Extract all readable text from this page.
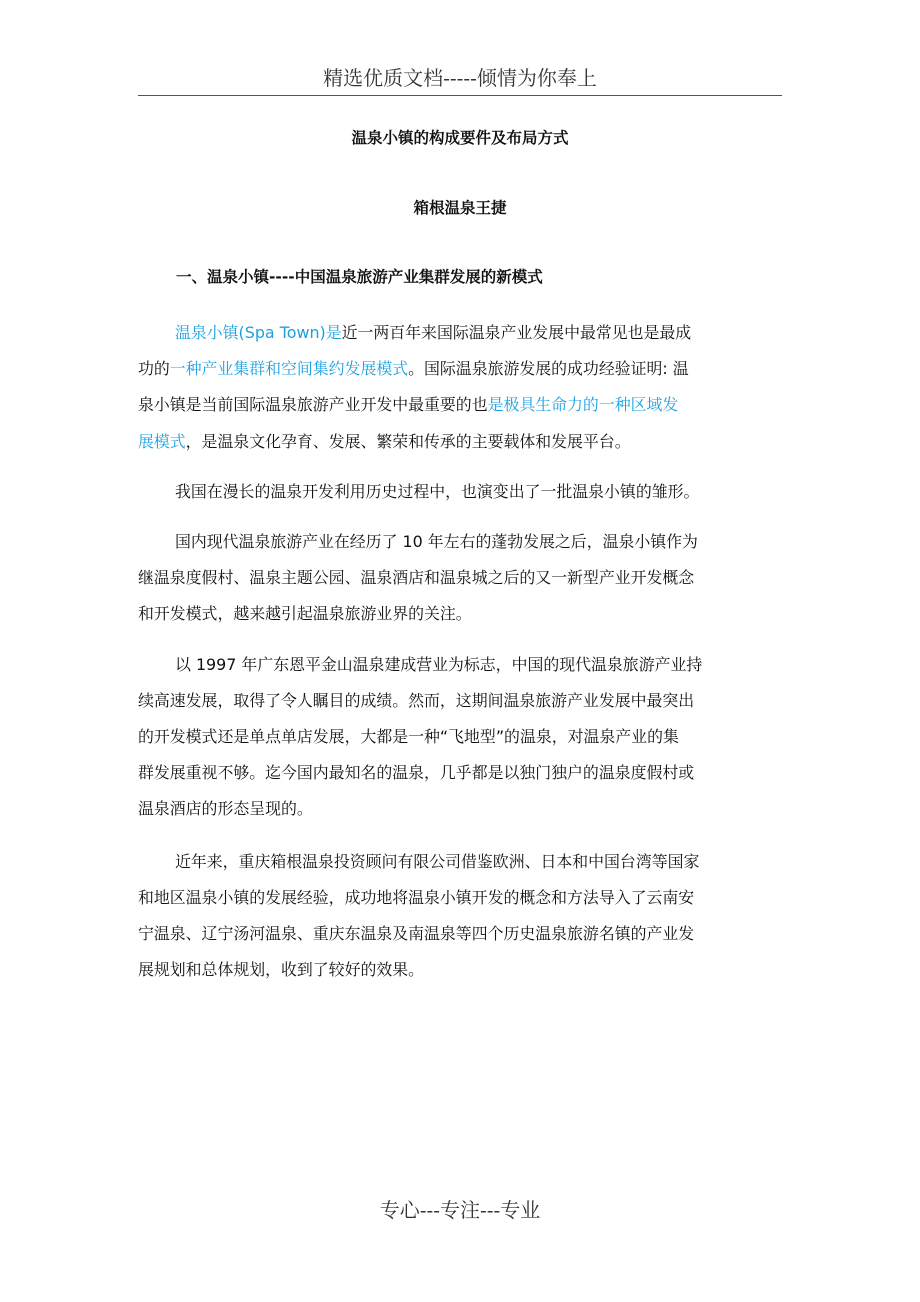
精选优质文档-----倾情为你奉上
温泉小镇的构成要件及布局方式
箱根温泉王捷
一、温泉小镇----中国温泉旅游产业集群发展的新模式
温泉小镇(Spa Town)是近一两百年来国际温泉产业发展中最常见也是最成
功的一种产业集群和空间集约发展模式。国际温泉旅游发展的成功经验证明: 温
泉小镇是当前国际温泉旅游产业开发中最重要的也是极具生命力的一种区域发
展模式，是温泉文化孕育、发展、繁荣和传承的主要载体和发展平台。
我国在漫长的温泉开发利用历史过程中，也演变出了一批温泉小镇的雏形。
国内现代温泉旅游产业在经历了 10 年左右的蓬勃发展之后，温泉小镇作为
继温泉度假村、温泉主题公园、温泉酒店和温泉城之后的又一新型产业开发概念
和开发模式，越来越引起温泉旅游业界的关注。
以 1997 年广东恩平金山温泉建成营业为标志，中国的现代温泉旅游产业持
续高速发展，取得了令人瞩目的成绩。然而，这期间温泉旅游产业发展中最突出
的开发模式还是单点单店发展，大都是一种“飞地型”的温泉，对温泉产业的集
群发展重视不够。迄今国内最知名的温泉，几乎都是以独门独户的温泉度假村或
温泉酒店的形态呈现的。
近年来，重庆箱根温泉投资顾问有限公司借鉴欧洲、日本和中国台湾等国家
和地区温泉小镇的发展经验，成功地将温泉小镇开发的概念和方法导入了云南安
宁温泉、辽宁汤河温泉、重庆东温泉及南温泉等四个历史温泉旅游名镇的产业发
展规划和总体规划，收到了较好的效果。
专心---专注---专业
